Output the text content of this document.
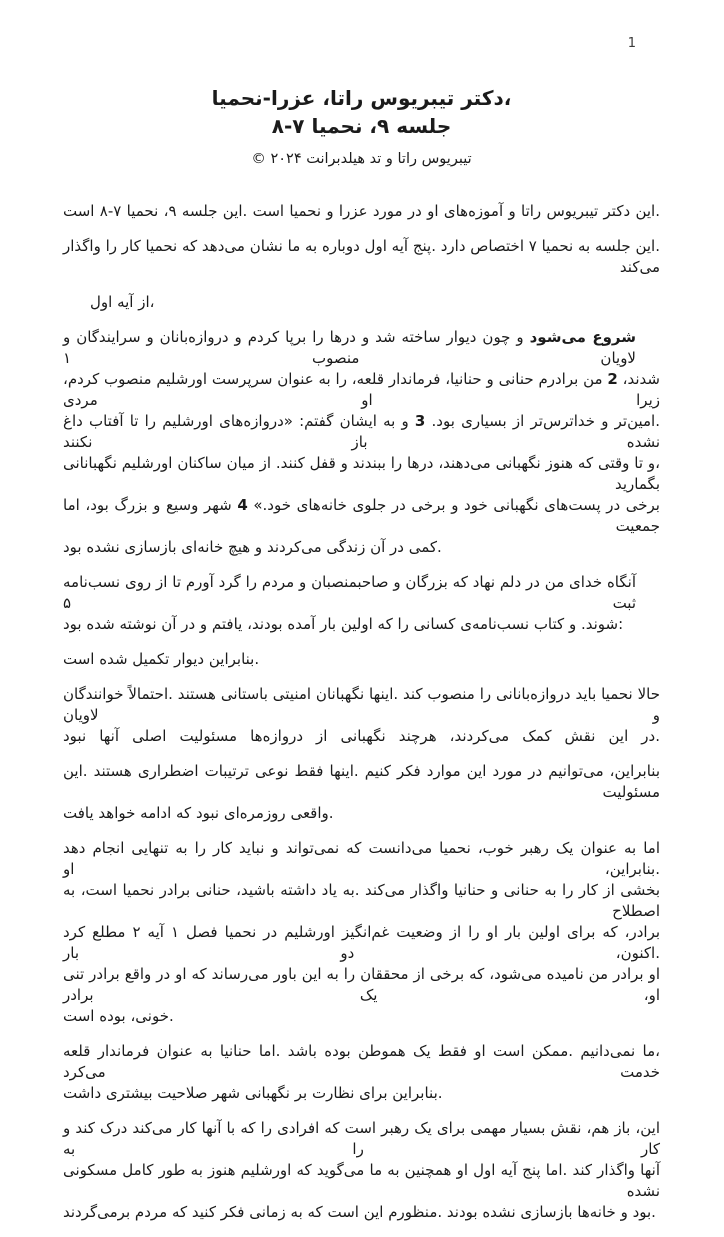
1
،دکتر تیبریوس راتا، عزرا-نحمیا
جلسه ۹، نحمیا ۷-۸
تیبریوس راتا و تد هیلدبرانت ۲۰۲۴ ©
.این دکتر تیبریوس راتا و آموزه‌های او در مورد عزرا و نحمیا است .این جلسه ۹، نحمیا ۷-۸ است
.این جلسه به نحمیا ۷ اختصاص دارد .پنج آیه اول دوباره به ما نشان می‌دهد که نحمیا کار را واگذار می‌کند
،از آیه اول
شروع می‌شود و چون دیوار ساخته شد و درها را برپا کردم و دروازه‌بانان و سرایندگان و لاویان منصوب ۱
شدند، 2 من برادرم حنانی و حنانیا، فرماندار قلعه، را به عنوان سرپرست اورشلیم منصوب کردم، زیرا او مردی
.امین‌تر و خداترس‌تر از بسیاری بود. 3 و به ایشان گفتم: «دروازه‌های اورشلیم را تا آفتاب داغ نشده باز نکنند
،و تا وقتی که هنوز نگهبانی می‌دهند، درها را ببندند و قفل کنند. از میان ساکنان اورشلیم نگهبانانی بگمارید
برخی در پست‌های نگهبانی خود و برخی در جلوی خانه‌های خود.» 4 شهر وسیع و بزرگ بود، اما جمعیت
.کمی در آن زندگی می‌کردند و هیچ خانه‌ای بازسازی نشده بود
آنگاه خدای من در دلم نهاد که بزرگان و صاحبمنصبان و مردم را گرد آورم تا از روی نسب‌نامه ثبت ۵
:شوند. و کتاب نسب‌نامه‌ی کسانی را که اولین بار آمده بودند، یافتم و در آن نوشته شده بود
.بنابراین دیوار تکمیل شده است
حالا نحمیا باید دروازه‌بانانی را منصوب کند .اینها نگهبانان امنیتی باستانی هستند .احتمالاً خوانندگان و لاویان
.در این نقش کمک می‌کردند، هرچند نگهبانی از دروازه‌ها مسئولیت اصلی آنها نبود
بنابراین، می‌توانیم در مورد این موارد فکر کنیم .اینها فقط نوعی ترتیبات اضطراری هستند .این مسئولیت
.واقعی روزمره‌ای نبود که ادامه خواهد یافت
اما به عنوان یک رهبر خوب، نحمیا می‌دانست که نمی‌تواند و نباید کار را به تنهایی انجام دهد .بنابراین، او
بخشی از کار را به حنانی و حنانیا واگذار می‌کند .به یاد داشته باشید، حنانی برادر نحمیا است، به اصطلاح
برادر، که برای اولین بار او را از وضعیت غم‌انگیز اورشلیم در نحمیا فصل ۱ آیه ۲ مطلع کرد .اکنون، دو بار
او برادر من نامیده می‌شود، که برخی از محققان را به این باور می‌رساند که او در واقع برادر تنی او، یک برادر
.خونی، بوده است
،ما نمی‌دانیم .ممکن است او فقط یک هموطن بوده باشد .اما حنانیا به عنوان فرماندار قلعه خدمت می‌کرد
.بنابراین برای نظارت بر نگهبانی شهر صلاحیت بیشتری داشت
این، باز هم، نقش بسیار مهمی برای یک رهبر است که افرادی را که با آنها کار می‌کند درک کند و کار را به
آنها واگذار کند .اما پنج آیه اول او همچنین به ما می‌گوید که اورشلیم هنوز به طور کامل مسکونی نشده
.بود و خانه‌ها بازسازی نشده بودند .منظورم این است که به زمانی فکر کنید که مردم برمی‌گردند
